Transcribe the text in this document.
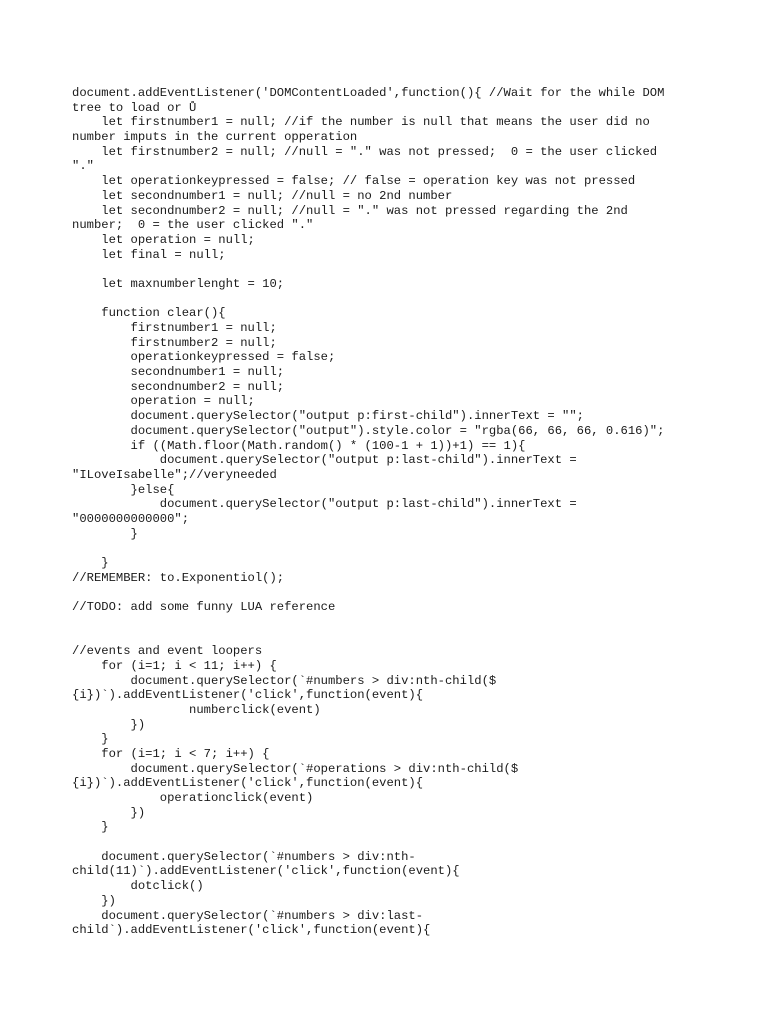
document.addEventListener('DOMContentLoaded',function(){ //Wait for the while DOM
tree to load or Ů
let firstnumber1 = null; //if the number is null that means the user did no
number imputs in the current opperation
let firstnumber2 = null; //null = "." was not pressed;  0 = the user clicked
"."
let operationkeypressed = false; // false = operation key was not pressed
let secondnumber1 = null; //null = no 2nd number
let secondnumber2 = null; //null = "." was not pressed regarding the 2nd
number;  0 = the user clicked "."
let operation = null;
let final = null;
let maxnumberlenght = 10;
function clear(){
firstnumber1 = null;
firstnumber2 = null;
operationkeypressed = false;
secondnumber1 = null;
secondnumber2 = null;
operation = null;
document.querySelector("output p:first-child").innerText = "";
document.querySelector("output").style.color = "rgba(66, 66, 66, 0.616)";
if ((Math.floor(Math.random() * (100-1 + 1))+1) == 1){
document.querySelector("output p:last-child").innerText =
"ILoveIsabelle";//veryneeded
}else{
document.querySelector("output p:last-child").innerText =
"0000000000000";
}
}
//REMEMBER: to.Exponentiol();
//TODO: add some funny LUA reference
//events and event loopers
for (i=1; i < 11; i++) {
document.querySelector(`#numbers > div:nth-child($
{i})`).addEventListener('click',function(event){
numberclick(event)
})
}
for (i=1; i < 7; i++) {
document.querySelector(`#operations > div:nth-child($
{i})`).addEventListener('click',function(event){
operationclick(event)
})
}
document.querySelector(`#numbers > div:nth-
child(11)`).addEventListener('click',function(event){
dotclick()
})
document.querySelector(`#numbers > div:last-
child`).addEventListener('click',function(event){
